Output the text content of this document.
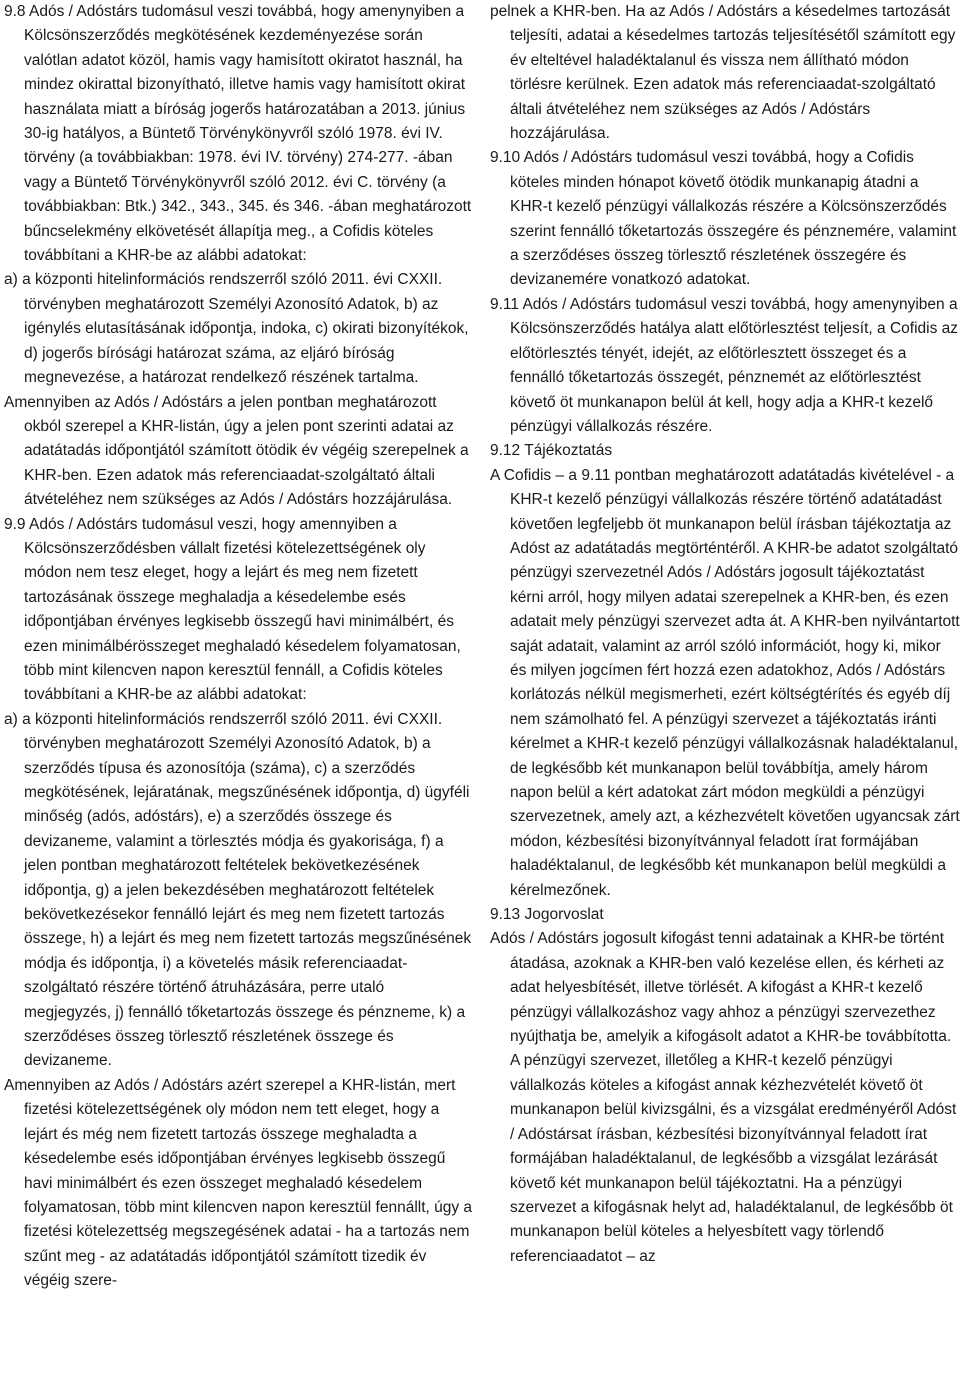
9.8 Adós / Adóstárs tudomásul veszi továbbá, hogy amenynyiben a Kölcsönszerződés megkötésének kezdeményezése során valótlan adatot közöl, hamis vagy hamisított okiratot használ, ha mindez okirattal bizonyítható, illetve hamis vagy hamisított okirat használata miatt a bíróság jogerős határozatában a 2013. június 30-ig hatályos, a Büntető Törvénykönyvről szóló 1978. évi IV. törvény (a továbbiakban: 1978. évi IV. törvény) 274-277. -ában vagy a Büntető Törvénykönyvről szóló 2012. évi C. törvény (a továbbiakban: Btk.) 342., 343., 345. és 346. -ában meghatározott bűncselekmény elkövetését állapítja meg., a Cofidis köteles továbbítani a KHR-be az alábbi adatokat:

a) a központi hitelinformációs rendszerről szóló 2011. évi CXXII. törvényben meghatározott Személyi Azonosító Adatok, b) az igénylés elutasításának időpontja, indoka, c) okirati bizonyítékok, d) jogerős bírósági határozat száma, az eljáró bíróság megnevezése, a határozat rendelkező részének tartalma.

Amennyiben az Adós / Adóstárs a jelen pontban meghatározott okból szerepel a KHR-listán, úgy a jelen pont szerinti adatai az adatátadás időpontjától számított ötödik év végéig szerepelnek a KHR-ben. Ezen adatok más referenciaadat-szolgáltató általi átvételéhez nem szükséges az Adós / Adóstárs hozzájárulása.

9.9 Adós / Adóstárs tudomásul veszi, hogy amennyiben a Kölcsönszerződésben vállalt fizetési kötelezettségének oly módon nem tesz eleget, hogy a lejárt és meg nem fizetett tartozásának összege meghaladja a késedelembe esés időpontjában érvényes legkisebb összegű havi minimálbért, és ezen minimálbérösszeget meghaladó késedelem folyamatosan, több mint kilencven napon keresztül fennáll, a Cofidis köteles továbbítani a KHR-be az alábbi adatokat:

a) a központi hitelinformációs rendszerről szóló 2011. évi CXXII. törvényben meghatározott Személyi Azonosító Adatok, b) a szerződés típusa és azonosítója (száma), c) a szerződés megkötésének, lejáratának, megszűnésének időpontja, d) ügyféli minőség (adós, adóstárs), e) a szerződés összege és devizaneme, valamint a törlesztés módja és gyakorisága, f) a jelen pontban meghatározott feltételek bekövetkezésének időpontja, g) a jelen bekezdésében meghatározott feltételek bekövetkezésekor fennálló lejárt és meg nem fizetett tartozás összege, h) a lejárt és meg nem fizetett tartozás megszűnésének módja és időpontja, i) a követelés másik referenciaadat-szolgáltató részére történő átruházására, perre utaló megjegyzés, j) fennálló tőketartozás összege és pénzneme, k) a szerződéses összeg törlesztő részletének összege és devizaneme.

Amennyiben az Adós / Adóstárs azért szerepel a KHR-listán, mert fizetési kötelezettségének oly módon nem tett eleget, hogy a lejárt és még nem fizetett tartozás összege meghaladta a késedelembe esés időpontjában érvényes legkisebb összegű havi minimálbért és ezen összeget meghaladó késedelem folyamatosan, több mint kilencven napon keresztül fennállt, úgy a fizetési kötelezettség megszegésének adatai - ha a tartozás nem szűnt meg - az adatátadás időpontjától számított tizedik év végéig szere-

pelnek a KHR-ben. Ha az Adós / Adóstárs a késedelmes tartozását teljesíti, adatai a késedelmes tartozás teljesítésétől számított egy év elteltével haladéktalanul és vissza nem állítható módon törlésre kerülnek. Ezen adatok más referenciaadat-szolgáltató általi átvételéhez nem szükséges az Adós / Adóstárs hozzájárulása.

9.10 Adós / Adóstárs tudomásul veszi továbbá, hogy a Cofidis köteles minden hónapot követő ötödik munkanapig átadni a KHR-t kezelő pénzügyi vállalkozás részére a Kölcsönszerződés szerint fennálló tőketartozás összegére és pénznemére, valamint a szerződéses összeg törlesztő részletének összegére és devizanemére vonatkozó adatokat.

9.11 Adós / Adóstárs tudomásul veszi továbbá, hogy amenynyiben a Kölcsönszerződés hatálya alatt előtörlesztést teljesít, a Cofidis az előtörlesztés tényét, idejét, az előtörlesztett összeget és a fennálló tőketartozás összegét, pénznemét az előtörlesztést követő öt munkanapon belül át kell, hogy adja a KHR-t kezelő pénzügyi vállalkozás részére.

9.12 Tájékoztatás

A Cofidis – a 9.11 pontban meghatározott adatátadás kivételével - a KHR-t kezelő pénzügyi vállalkozás részére történő adatátadást követően legfeljebb öt munkanapon belül írásban tájékoztatja az Adóst az adatátadás megtörténtéről. A KHR-be adatot szolgáltató pénzügyi szervezetnél Adós / Adóstárs jogosult tájékoztatást kérni arról, hogy milyen adatai szerepelnek a KHR-ben, és ezen adatait mely pénzügyi szervezet adta át. A KHR-ben nyilvántartott saját adatait, valamint az arról szóló információt, hogy ki, mikor és milyen jogcímen fért hozzá ezen adatokhoz, Adós / Adóstárs korlátozás nélkül megismerheti, ezért költségtérítés és egyéb díj nem számolható fel. A pénzügyi szervezet a tájékoztatás iránti kérelmet a KHR-t kezelő pénzügyi vállalkozásnak haladéktalanul, de legkésőbb két munkanapon belül továbbítja, amely három napon belül a kért adatokat zárt módon megküldi a pénzügyi szervezetnek, amely azt, a kézhezvételt követően ugyancsak zárt módon, kézbesítési bizonyítvánnyal feladott írat formájában haladéktalanul, de legkésőbb két munkanapon belül megküldi a kérelmezőnek.

9.13 Jogorvoslat

Adós / Adóstárs jogosult kifogást tenni adatainak a KHR-be történt átadása, azoknak a KHR-ben való kezelése ellen, és kérheti az adat helyesbítését, illetve törlését. A kifogást a KHR-t kezelő pénzügyi vállalkozáshoz vagy ahhoz a pénzügyi szervezethez nyújthatja be, amelyik a kifogásolt adatot a KHR-be továbbította. A pénzügyi szervezet, illetőleg a KHR-t kezelő pénzügyi vállalkozás köteles a kifogást annak kézhezvételét követő öt munkanapon belül kivizsgálni, és a vizsgálat eredményéről Adóst / Adóstársat írásban, kézbesítési bizonyítvánnyal feladott írat formájában haladéktalanul, de legkésőbb a vizsgálat lezárását követő két munkanapon belül tájékoztatni. Ha a pénzügyi szervezet a kifogásnak helyt ad, haladéktalanul, de legkésőbb öt munkanapon belül köteles a helyesbített vagy törlendő referenciaadatot – az
